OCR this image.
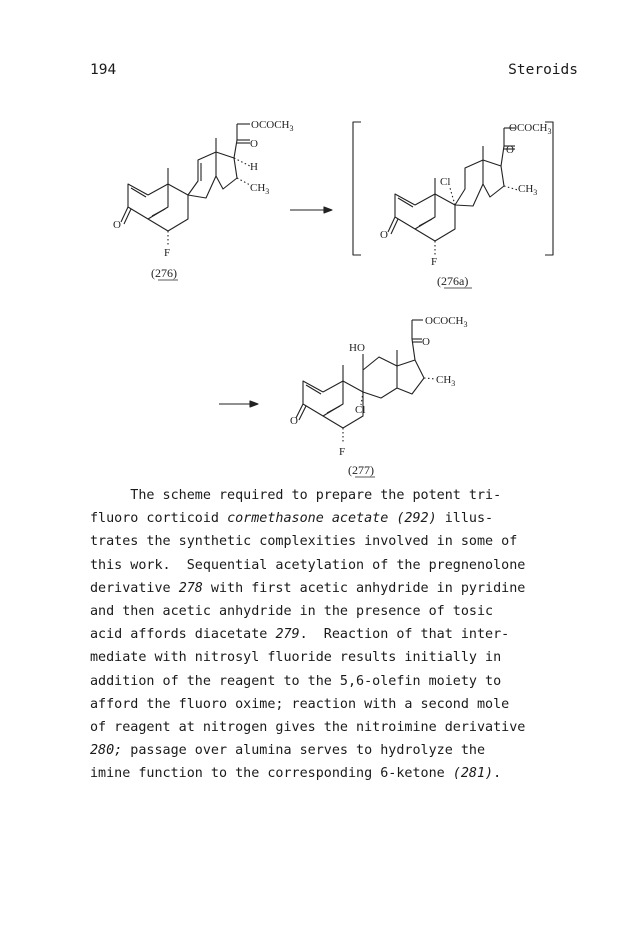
194	Steroids
$OCOCH_3$
O
H
$CH_3$
O
F
(276)
$OCOCH_3$
O
Cl
$CH_3$
O
F
(276a)
$OCOCH_3$
O
HO
$CH_3$
Cl
O
F
(277)
The scheme required to prepare the potent tri-
fluoro corticoid cormethasone acetate (292) illus-
trates the synthetic complexities involved in some of
this work.  Sequential acetylation of the pregnenolone
derivative 278 with first acetic anhydride in pyridine
and then acetic anhydride in the presence of tosic
acid affords diacetate 279.  Reaction of that inter-
mediate with nitrosyl fluoride results initially in
addition of the reagent to the 5,6-olefin moiety to
afford the fluoro oxime; reaction with a second mole
of reagent at nitrogen gives the nitroimine derivative
280; passage over alumina serves to hydrolyze the
imine function to the corresponding 6-ketone (281).
